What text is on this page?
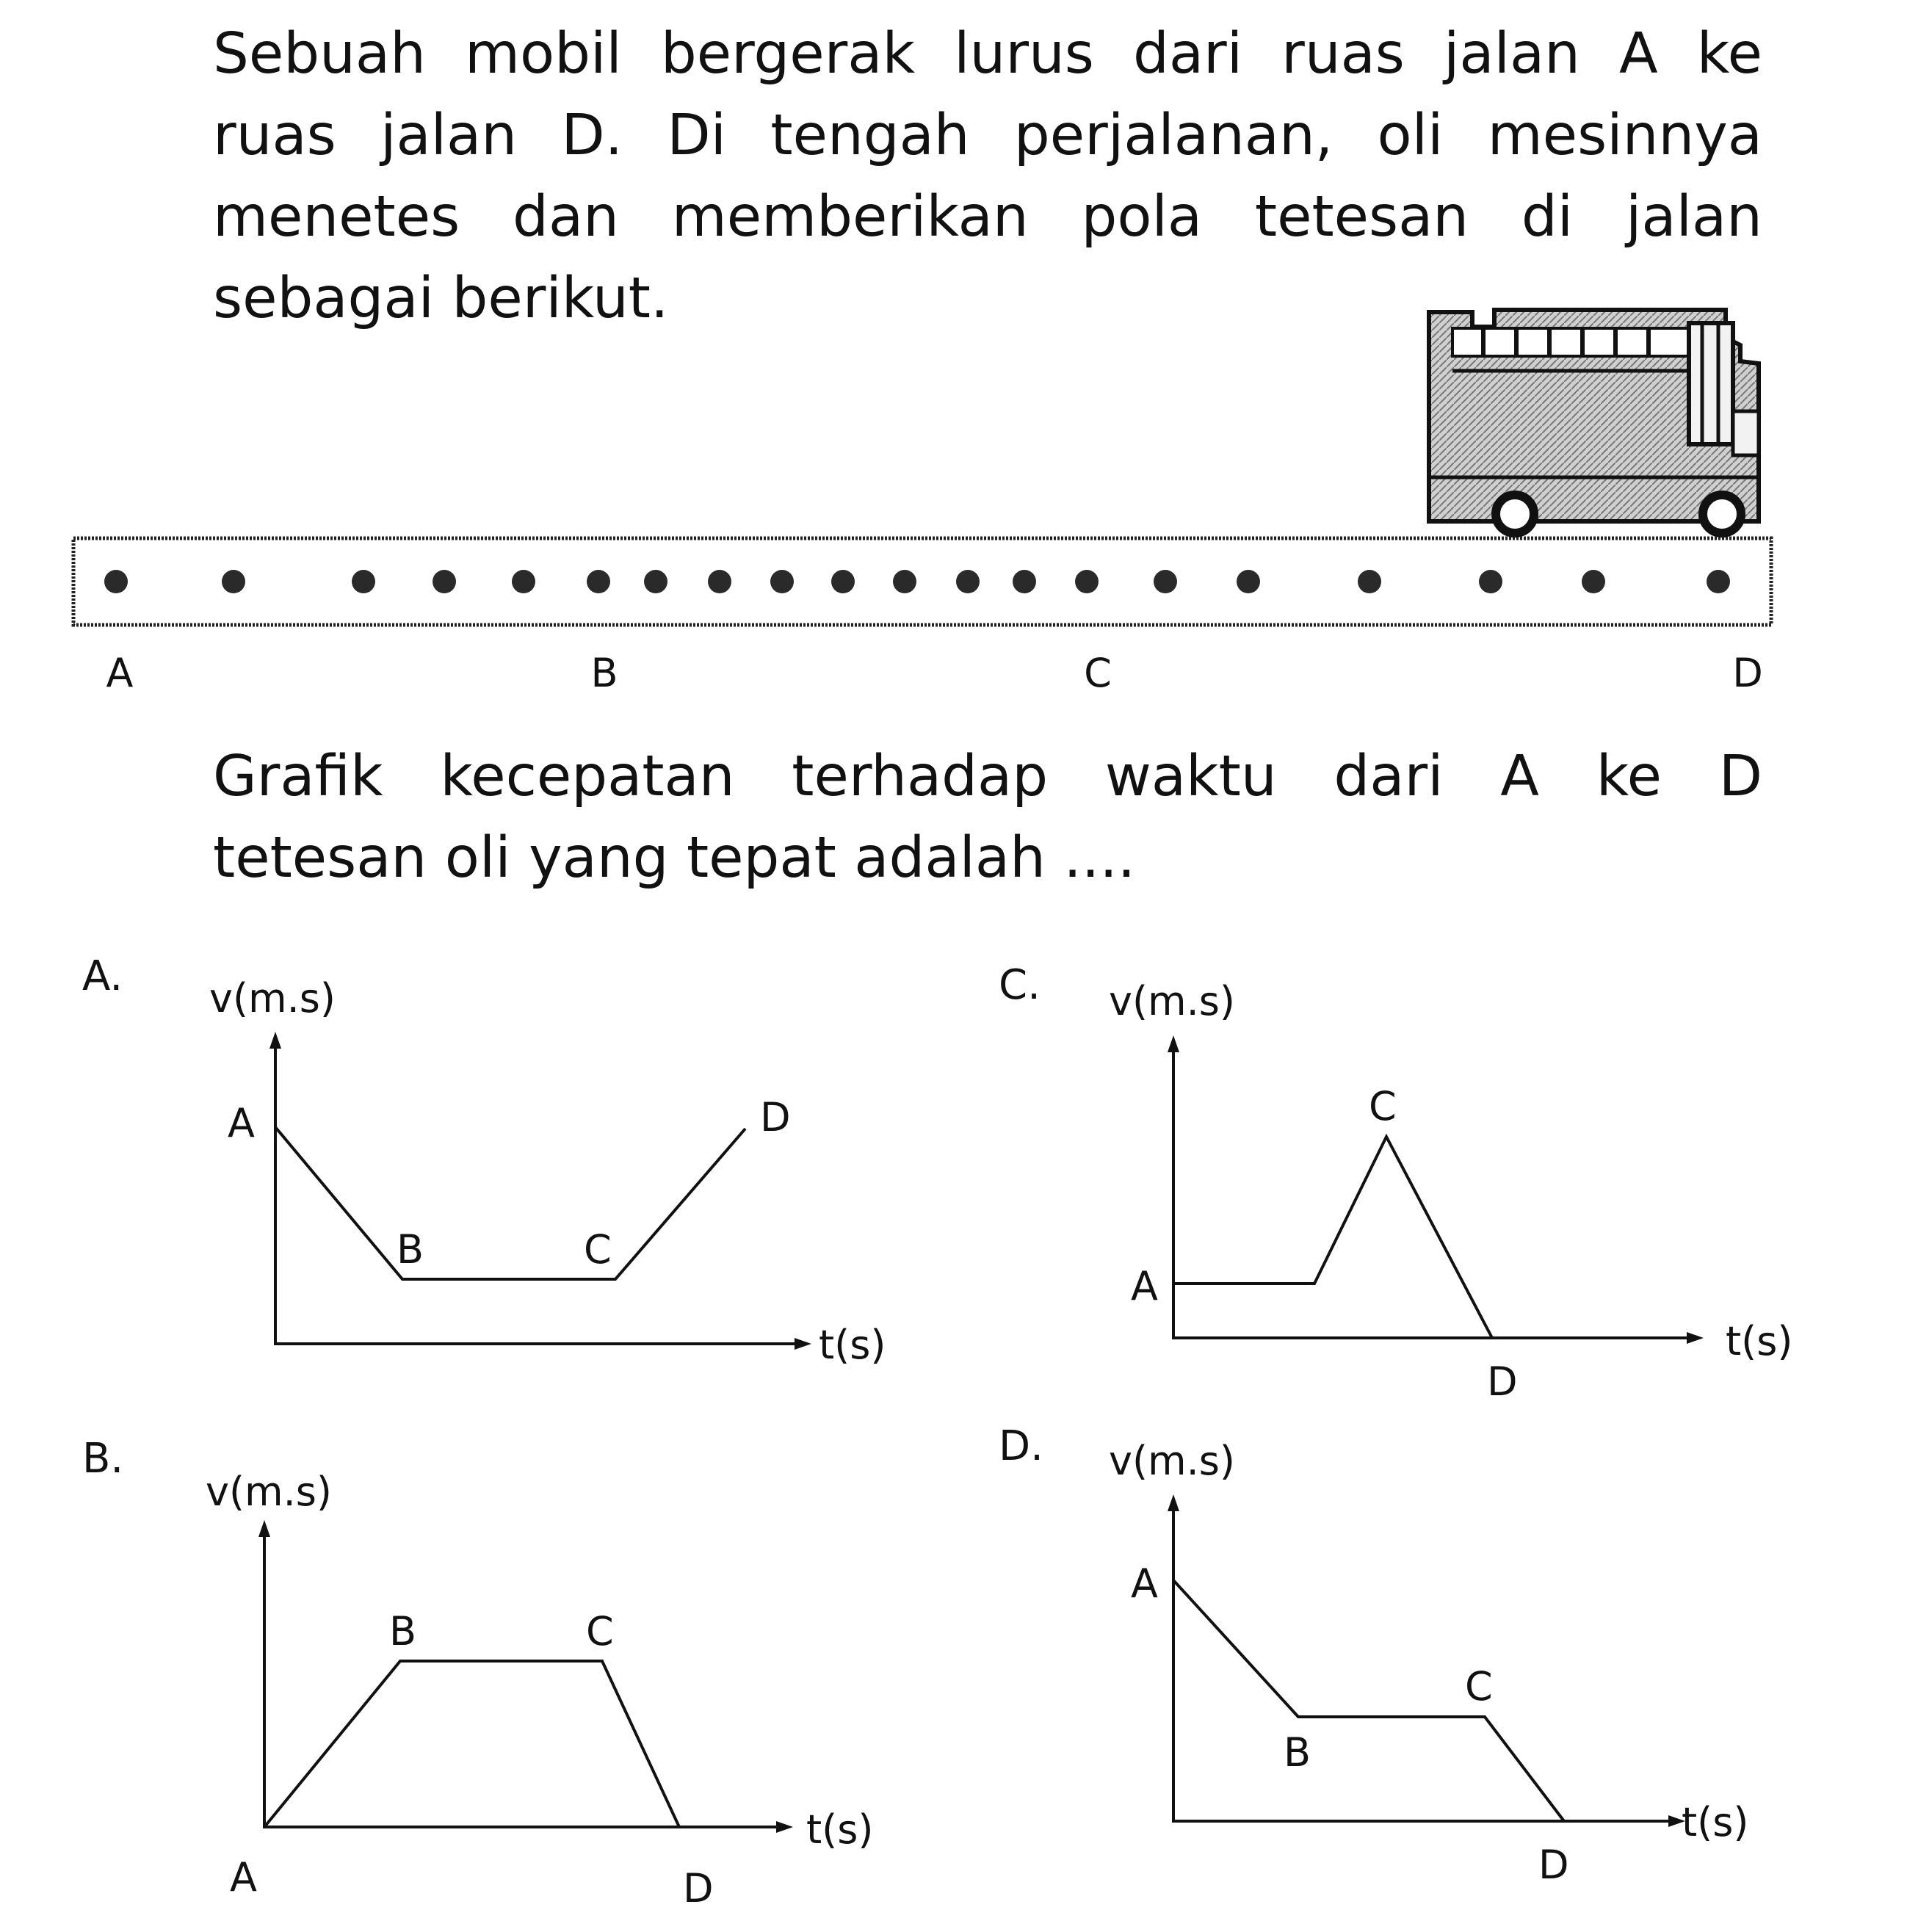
Sebuah mobil bergerak lurus dari ruas jalan A ke
ruas jalan D. Di tengah perjalanan, oli mesinnya
menetes dan memberikan pola tetesan di jalan
sebagai berikut.
Grafik kecepatan terhadap waktu dari A ke D
tetesan oli yang tepat adalah ....
A	B	C	D
A. v(m.s)
t(s)
A
B	C
D
B.
v(m.s)
t(s)
A
B	C
D
C. v(m.s)
t(s)
A
C
D
D. v(m.s)
t(s)
A
B
C
D
